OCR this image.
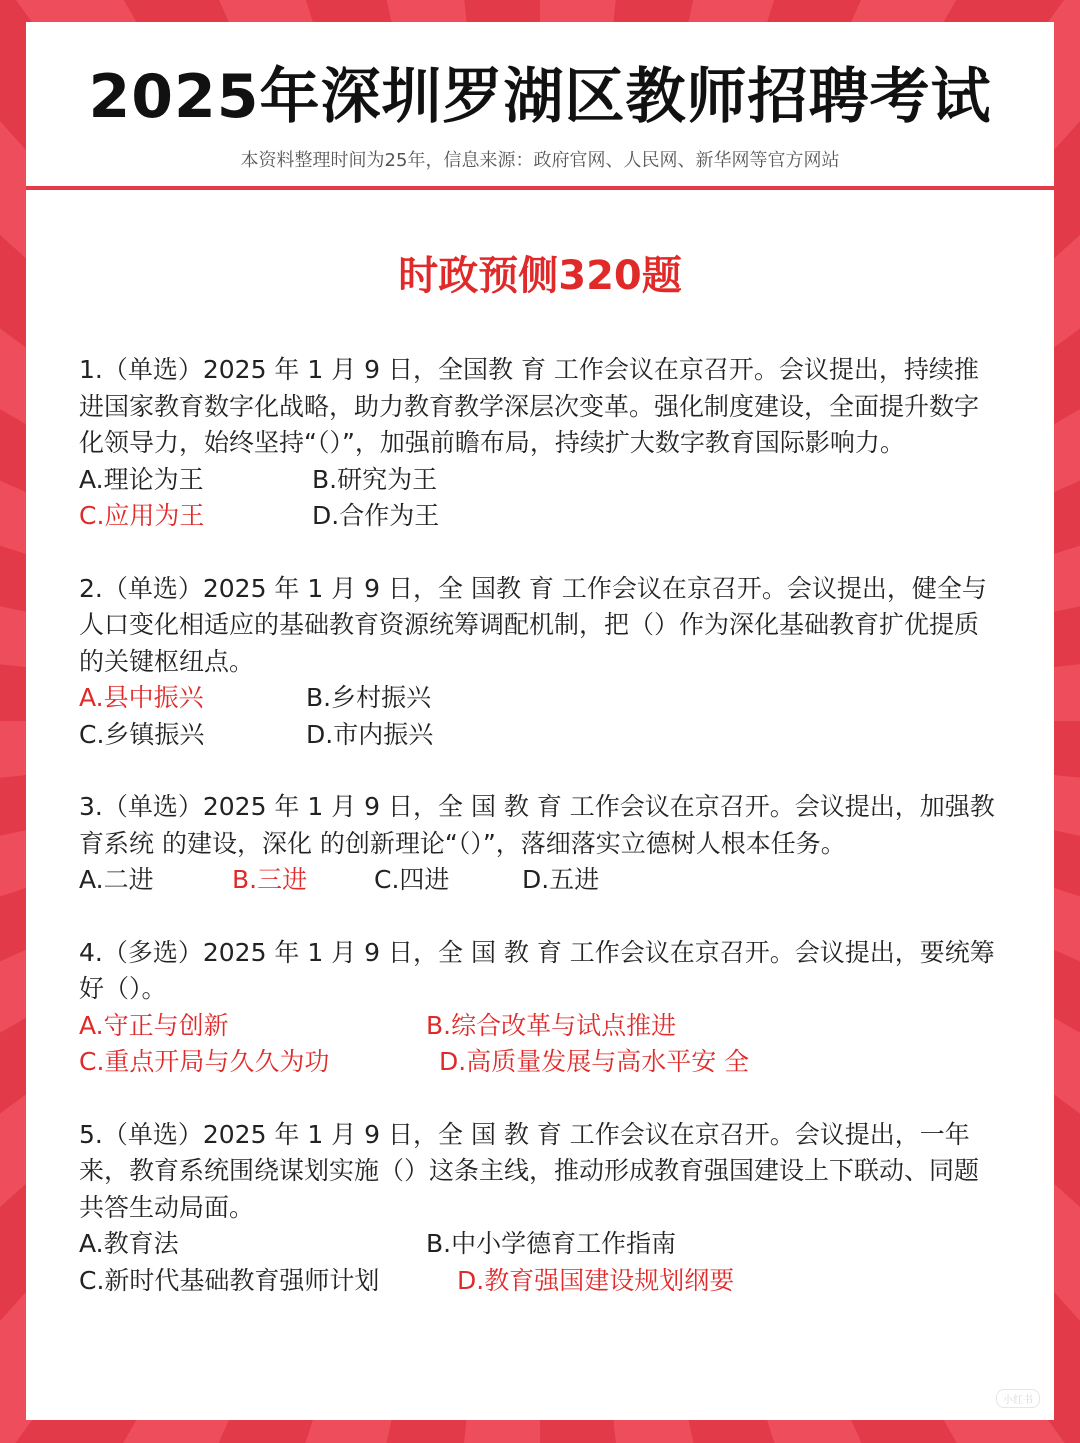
2025年深圳罗湖区教师招聘考试
本资料整理时间为25年，信息来源：政府官网、人民网、新华网等官方网站
时政预侧320题
1.（单选）2025 年 1 月 9 日，全国教 育 工作会议在京召开。会议提出，持续推进国家教育数字化战略，助力教育教学深层次变革。强化制度建设，全面提升数字化领导力，始终坚持“（）”，加强前瞻布局，持续扩大数字教育国际影响力。
A.理论为王	B.研究为王
C.应用为王	D.合作为王
2.（单选）2025 年 1 月 9 日，全 国教 育 工作会议在京召开。会议提出，健全与人口变化相适应的基础教育资源统筹调配机制，把（）作为深化基础教育扩优提质的关键枢纽点。
A.县中振兴	B.乡村振兴
C.乡镇振兴	D.市内振兴
3.（单选）2025 年 1 月 9 日，全 国 教 育 工作会议在京召开。会议提出，加强教育系统 的建设，深化 的创新理论“（）”，落细落实立德树人根本任务。
A.二进	B.三进	C.四进	D.五进
4.（多选）2025 年 1 月 9 日，全 国 教 育 工作会议在京召开。会议提出，要统筹好（）。
A.守正与创新	B.综合改革与试点推进
C.重点开局与久久为功	D.高质量发展与高水平安 全
5.（单选）2025 年 1 月 9 日，全 国 教 育 工作会议在京召开。会议提出，一年来，教育系统围绕谋划实施（）这条主线，推动形成教育强国建设上下联动、同题共答生动局面。
A.教育法	B.中小学德育工作指南
C.新时代基础教育强师计划	D.教育强国建设规划纲要
小红书
